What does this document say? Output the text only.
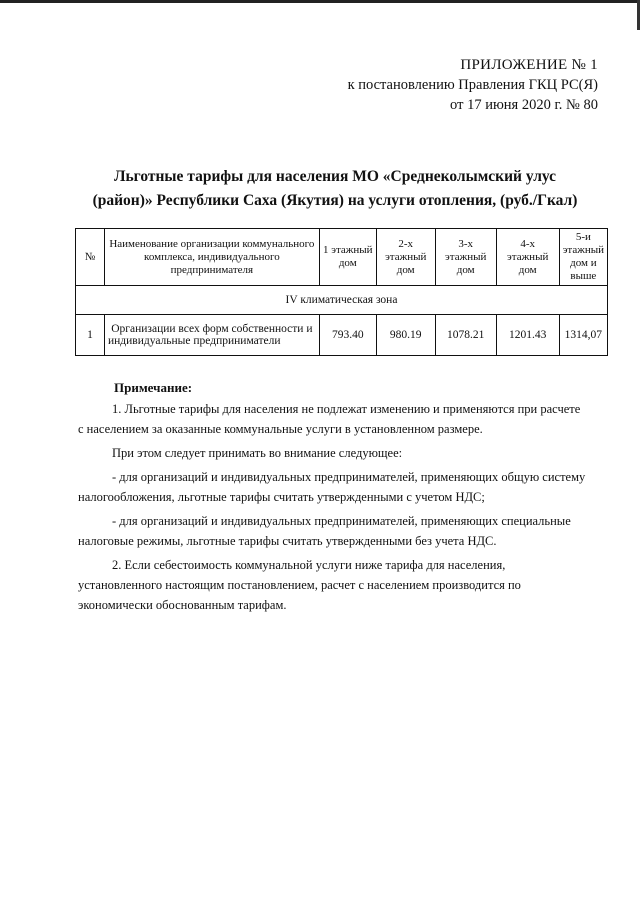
ПРИЛОЖЕНИЕ № 1
к постановлению Правления ГКЦ РС(Я)
от 17 июня 2020 г. № 80
Льготные тарифы для населения МО «Среднеколымский улус
(район)» Республики Саха (Якутия) на услуги отопления, (руб./Гкал)
№	Наименование организации коммунального комплекса, индивидуального предпринимателя	1 этажный дом	2-х этажный дом	3-х этажный дом	4-х этажный дом	5-и этажный дом и выше
IV климатическая зона						
1	Организации всех форм собственности и индивидуальные предприниматели	793.40	980.19	1078.21	1201.43	1314,07
Примечание:

1. Льготные тарифы для населения не подлежат изменению и применяются при расчете
с населением за оказанные коммунальные услуги в установленном размере.

При этом следует принимать во внимание следующее:

- для организаций и индивидуальных предпринимателей, применяющих общую систему
налогообложения, льготные тарифы считать утвержденными с учетом НДС;

- для организаций и индивидуальных предпринимателей, применяющих специальные
налоговые режимы, льготные тарифы считать утвержденными без учета НДС.

2. Если себестоимость коммунальной услуги ниже тарифа для населения,
установленного настоящим постановлением, расчет с населением производится по
экономически обоснованным тарифам.
